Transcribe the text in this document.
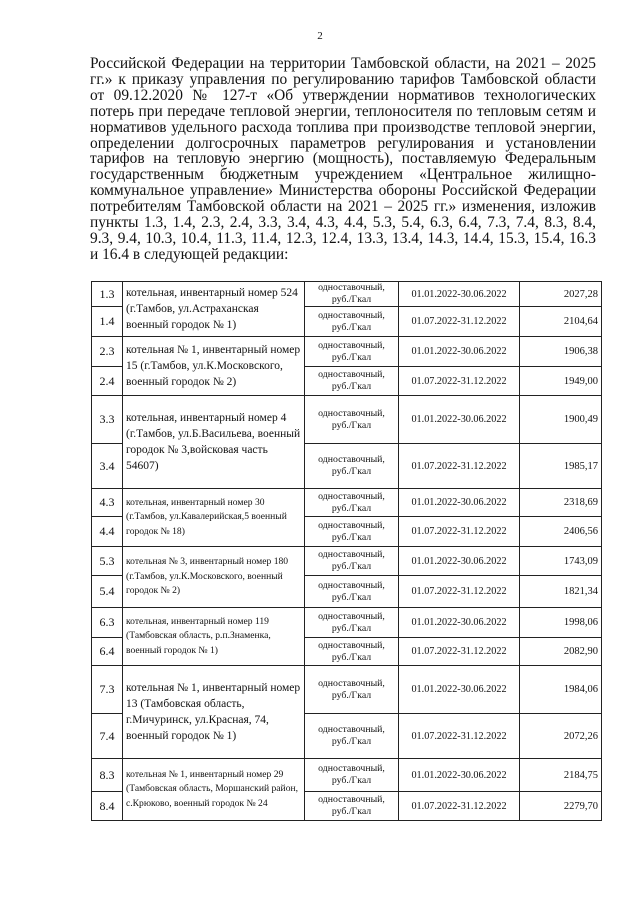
2

Российской Федерации на территории Тамбовской области, на 2021 – 2025 гг.» к приказу управления по регулированию тарифов Тамбовской области от 09.12.2020 № 127-т «Об утверждении нормативов технологических потерь при передаче тепловой энергии, теплоносителя по тепловым сетям и нормативов удельного расхода топлива при производстве тепловой энергии, определении долгосрочных параметров регулирования и установлении тарифов на тепловую энергию (мощность), поставляемую Федеральным государственным бюджетным учреждением «Центральное жилищно-коммунальное управление» Министерства обороны Российской Федерации потребителям Тамбовской области на 2021 – 2025 гг.» изменения, изложив пункты 1.3, 1.4, 2.3, 2.4, 3.3, 3.4, 4.3, 4.4, 5.3, 5.4, 6.3, 6.4, 7.3, 7.4, 8.3, 8.4, 9.3, 9.4, 10.3, 10.4, 11.3, 11.4, 12.3, 12.4, 13.3, 13.4, 14.3, 14.4, 15.3, 15.4, 16.3 и 16.4 в следующей редакции:

1.3	котельная, инвентарный номер 524 (г.Тамбов, ул.Астраханская военный городок № 1)	одноставочный, руб./Гкал	01.01.2022-30.06.2022	2027,28
1.4		одноставочный, руб./Гкал	01.07.2022-31.12.2022	2104,64
2.3	котельная № 1, инвентарный номер 15 (г.Тамбов, ул.К.Московского, военный городок № 2)	одноставочный, руб./Гкал	01.01.2022-30.06.2022	1906,38
2.4		одноставочный, руб./Гкал	01.07.2022-31.12.2022	1949,00
3.3	котельная, инвентарный номер 4 (г.Тамбов, ул.Б.Васильева, военный городок № 3,войсковая часть 54607)	одноставочный, руб./Гкал	01.01.2022-30.06.2022	1900,49
3.4		одноставочный, руб./Гкал	01.07.2022-31.12.2022	1985,17
4.3	котельная, инвентарный номер 30 (г.Тамбов, ул.Кавалерийская,5 военный городок № 18)	одноставочный, руб./Гкал	01.01.2022-30.06.2022	2318,69
4.4		одноставочный, руб./Гкал	01.07.2022-31.12.2022	2406,56
5.3	котельная № 3, инвентарный номер 180 (г.Тамбов, ул.К.Московского, военный городок № 2)	одноставочный, руб./Гкал	01.01.2022-30.06.2022	1743,09
5.4		одноставочный, руб./Гкал	01.07.2022-31.12.2022	1821,34
6.3	котельная, инвентарный номер 119 (Тамбовская область, р.п.Знаменка, военный городок № 1)	одноставочный, руб./Гкал	01.01.2022-30.06.2022	1998,06
6.4		одноставочный, руб./Гкал	01.07.2022-31.12.2022	2082,90
7.3	котельная № 1, инвентарный номер 13 (Тамбовская область, г.Мичуринск, ул.Красная, 74, военный городок № 1)	одноставочный, руб./Гкал	01.01.2022-30.06.2022	1984,06
7.4		одноставочный, руб./Гкал	01.07.2022-31.12.2022	2072,26
8.3	котельная № 1, инвентарный номер 29 (Тамбовская область, Моршанский район, с.Крюково, военный городок № 24	одноставочный, руб./Гкал	01.01.2022-30.06.2022	2184,75
8.4		одноставочный, руб./Гкал	01.07.2022-31.12.2022	2279,70
